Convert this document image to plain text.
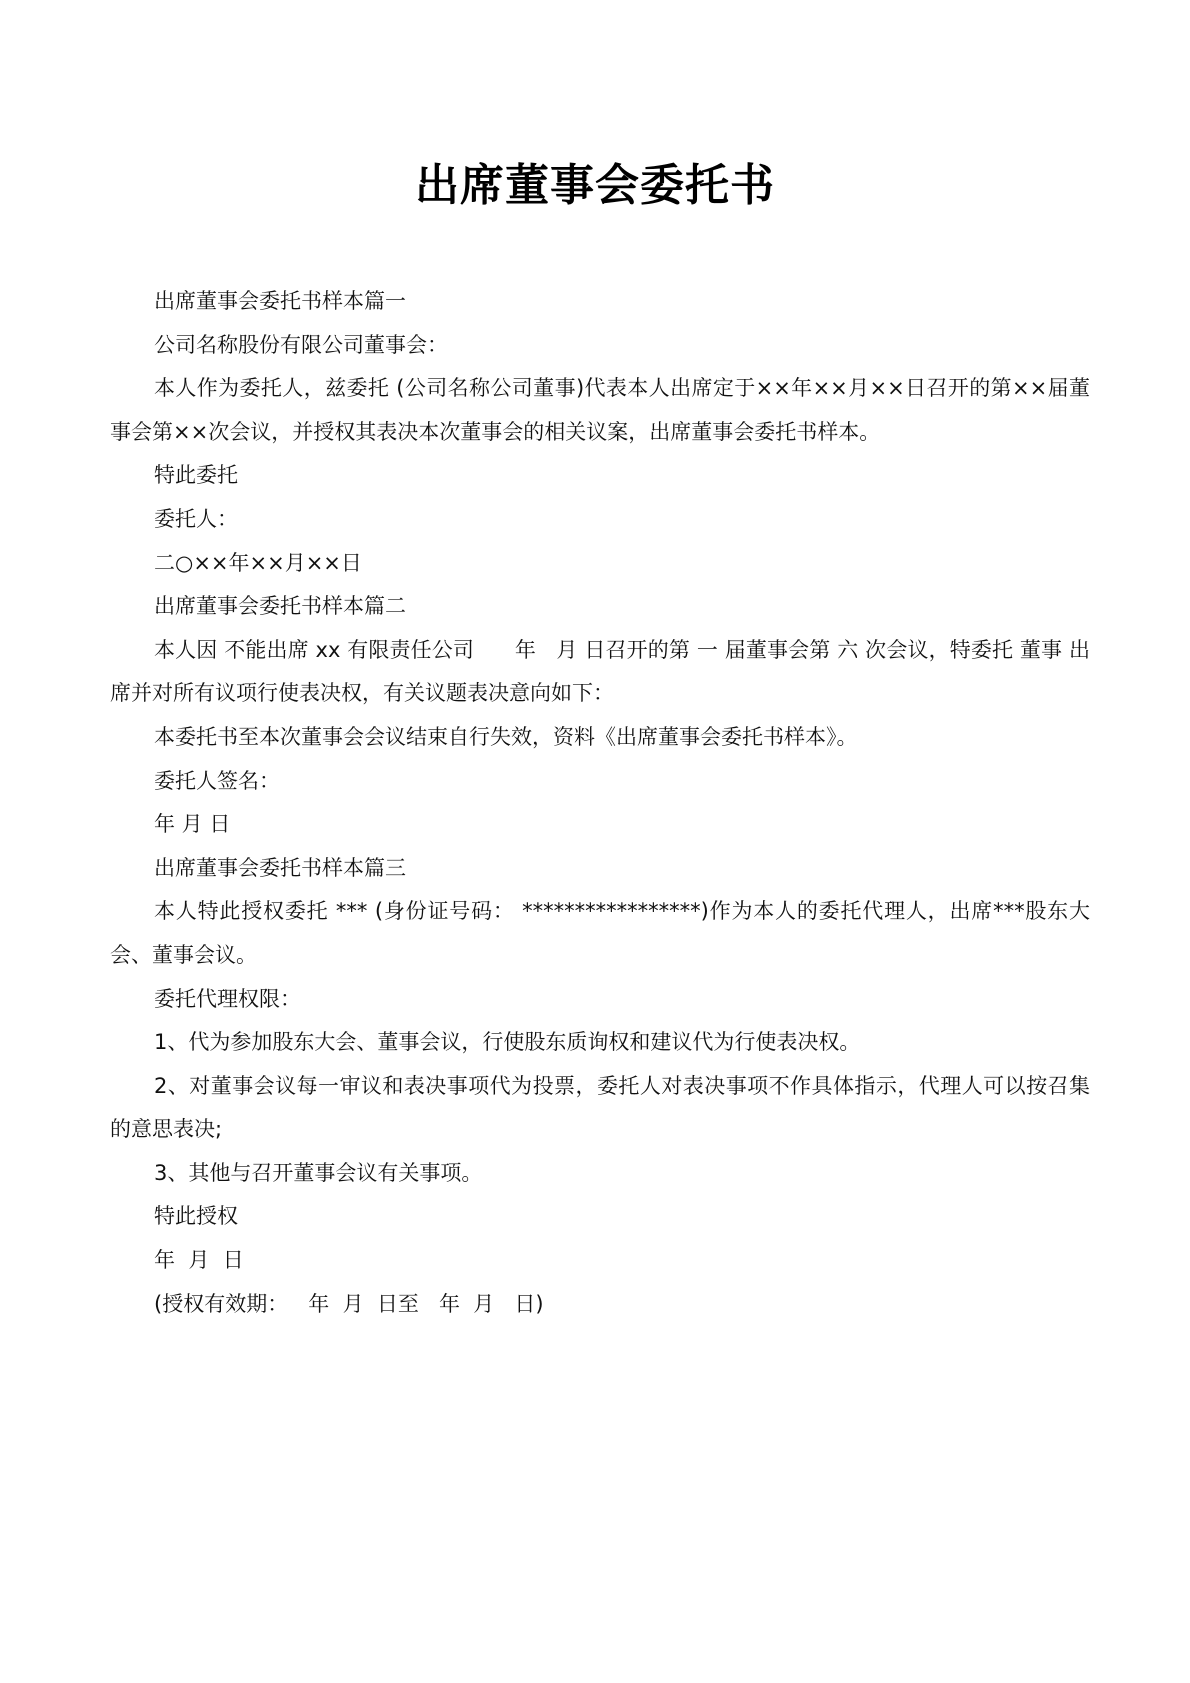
出席董事会委托书

出席董事会委托书样本篇一

公司名称股份有限公司董事会：

本人作为委托人，兹委托 (公司名称公司董事)代表本人出席定于××年××月××日召开的第××届董事会第××次会议，并授权其表决本次董事会的相关议案，出席董事会委托书样本。

特此委托

委托人：

二○××年××月××日

出席董事会委托书样本篇二

本人因 不能出席 xx 有限责任公司      年   月 日召开的第 一 届董事会第 六 次会议，特委托 董事 出席并对所有议项行使表决权，有关议题表决意向如下：

本委托书至本次董事会会议结束自行失效，资料《出席董事会委托书样本》。

委托人签名：

年 月 日

出席董事会委托书样本篇三

本人特此授权委托 *** (身份证号码： *****************)作为本人的委托代理人，出席***股东大会、董事会议。

委托代理权限：

1、代为参加股东大会、董事会议，行使股东质询权和建议代为行使表决权。

2、对董事会议每一审议和表决事项代为投票，委托人对表决事项不作具体指示，代理人可以按召集的意思表决;

3、其他与召开董事会议有关事项。

特此授权

年  月  日

(授权有效期：   年  月  日至   年  月   日)
